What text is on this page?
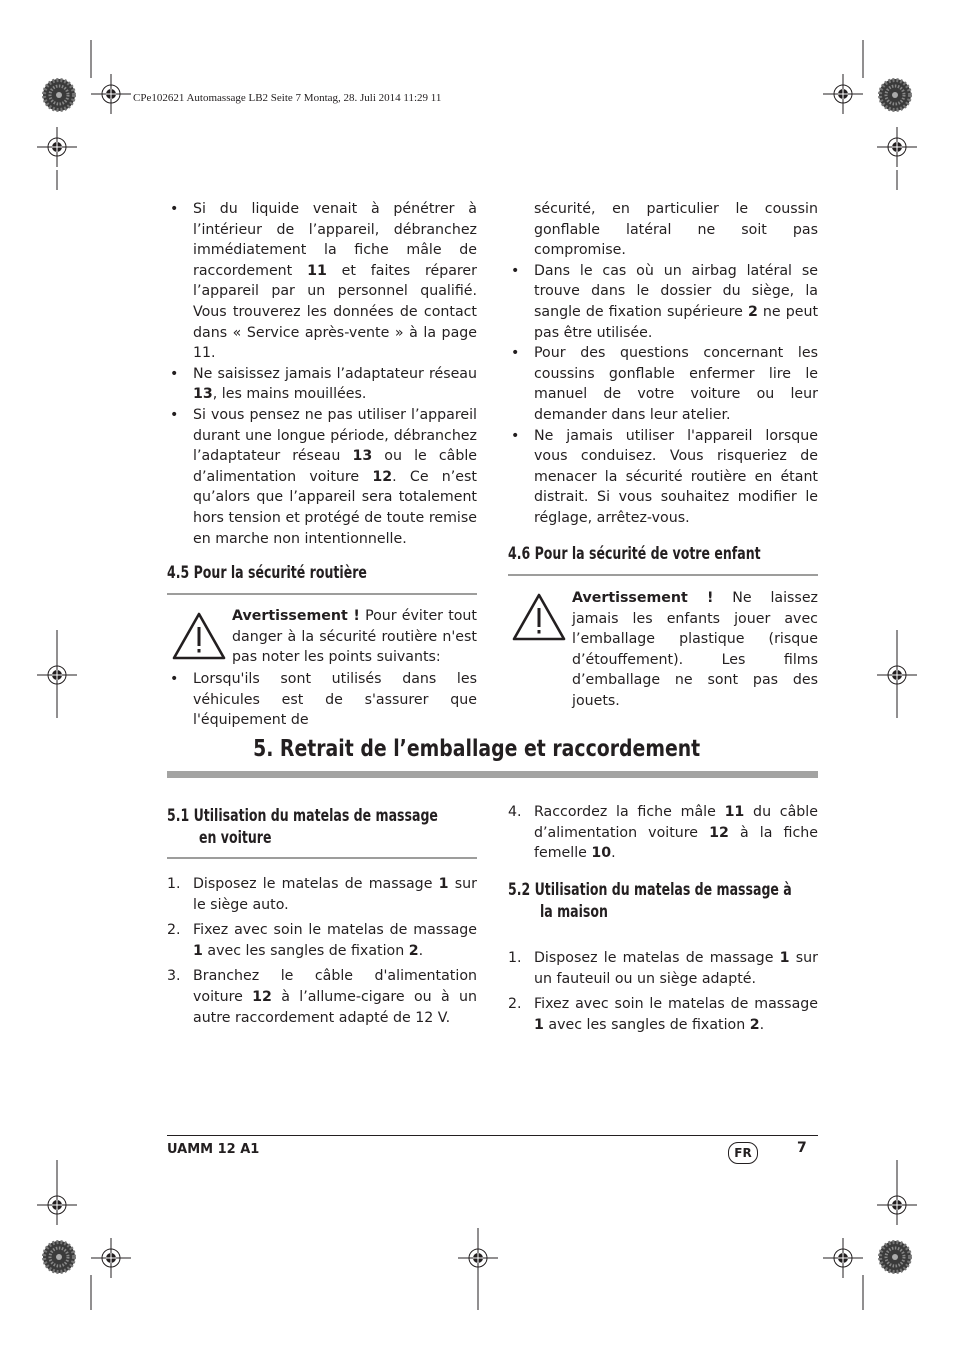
CPe102621 Automassage LB2 Seite 7 Montag, 28. Juli 2014 11:29 11
• Si du liquide venait à pénétrer à l’intérieur de l’appareil, débranchez immédiatement la fiche mâle de raccordement 11 et faites réparer l’appareil par un personnel qualifié. Vous trouverez les données de contact dans « Service après-vente » à la page 11.
• Ne saisissez jamais l’adaptateur réseau 13, les mains mouillées.
• Si vous pensez ne pas utiliser l’appareil durant une longue période, débranchez l’adaptateur réseau 13 ou le câble d’alimentation voiture 12. Ce n’est qu’alors que l’appareil sera totalement hors tension et protégé de toute remise en marche non intentionnelle.
4.5 Pour la sécurité routière

Avertissement ! Pour éviter tout danger à la sécurité routière n'est pas noter les points suivants:

• Lorsqu'ils sont utilisés dans les véhicules est de s'assurer que l'équipement de

sécurité, en particulier le coussin gonflable latéral ne soit pas compromise.

• Dans le cas où un airbag latéral se trouve dans le dossier du siège, la sangle de fixation supérieure 2 ne peut pas être utilisée.
• Pour des questions concernant les coussins gonflable enfermer lire le manuel de votre voiture ou leur demander dans leur atelier.
• Ne jamais utiliser l'appareil lorsque vous conduisez. Vous risqueriez de menacer la sécurité routière en étant distrait. Si vous souhaitez modifier le réglage, arrêtez-vous.
4.6 Pour la sécurité de votre enfant

Avertissement ! Ne laissez jamais les enfants jouer avec l’emballage plastique (risque d’étouffement). Les films d’emballage ne sont pas des jouets.

5. Retrait de l’emballage et raccordement
5.1 Utilisation du matelas de massage
en voiture
1. Disposez le matelas de massage 1 sur le siège auto.
2. Fixez avec soin le matelas de massage 1 avec les sangles de fixation 2.
3. Branchez le câble d'alimentation voiture 12 à l’allume-cigare ou à un autre raccordement adapté de 12 V.
4. Raccordez la fiche mâle 11 du câble d’alimentation voiture 12 à la fiche femelle 10.
5.2 Utilisation du matelas de massage à
la maison
1. Disposez le matelas de massage 1 sur un fauteuil ou un siège adapté.
2. Fixez avec soin le matelas de massage 1 avec les sangles de fixation 2.
UAMM 12 A1	FR	7
